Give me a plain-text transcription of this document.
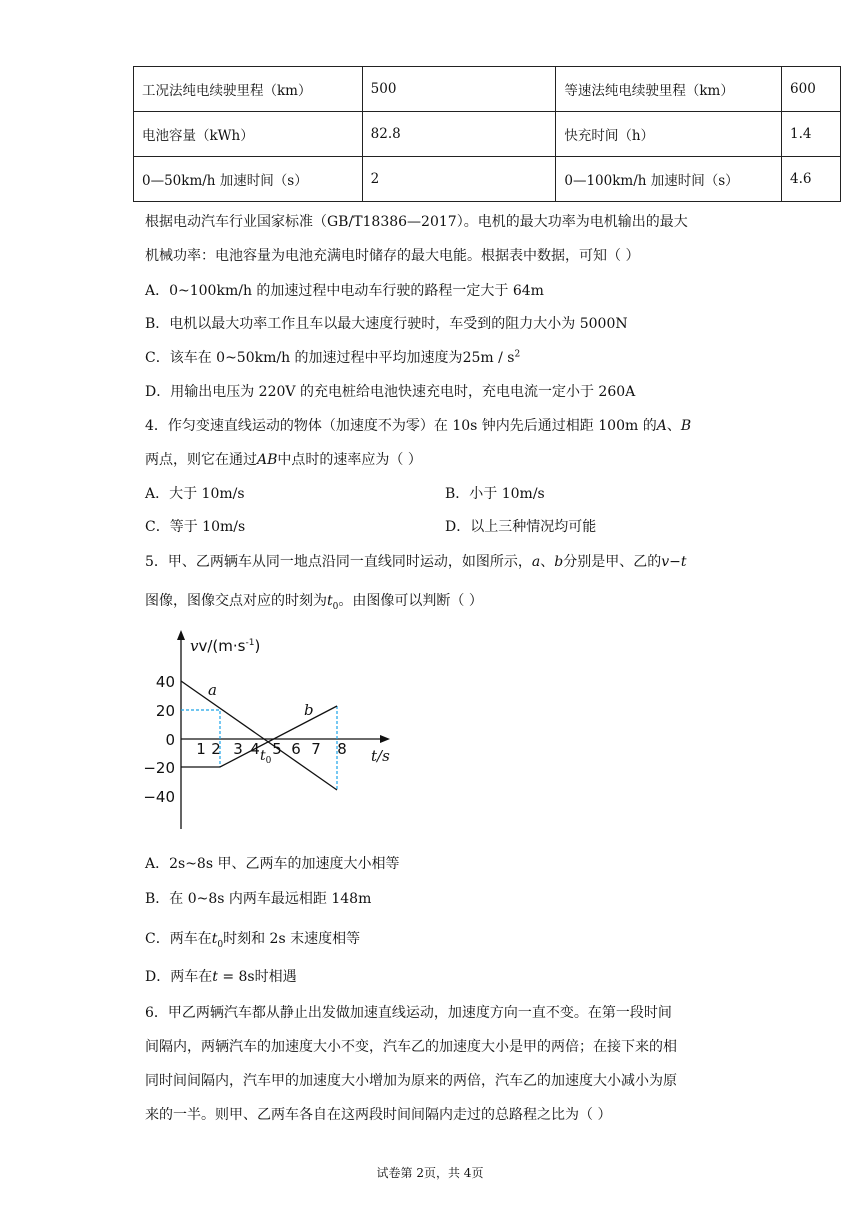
工况法纯电续驶里程（km）	500	等速法纯电续驶里程（km）	600
电池容量（kWh）	82.8	快充时间（h）	1.4
0—50km/h 加速时间（s）	2	0—100km/h 加速时间（s）	4.6
根据电动汽车行业国家标准（GB/T18386—2017）。电机的最大功率为电机输出的最大
机械功率：电池容量为电池充满电时储存的最大电能。根据表中数据，可知（ ）
A．0~100km/h 的加速过程中电动车行驶的路程一定大于 64m
B．电机以最大功率工作且车以最大速度行驶时，车受到的阻力大小为 5000N
C．该车在 0~50km/h 的加速过程中平均加速度为$25m / s^2$
D．用输出电压为 220V 的充电桩给电池快速充电时，充电电流一定小于 260A
4．作匀变速直线运动的物体（加速度不为零）在 10s 钟内先后通过相距 100m 的A、B
两点，则它在通过AB中点时的速率应为（ ）
A．大于 10m/s	B．小于 10m/s
C．等于 10m/s	D．以上三种情况均可能
5．甲、乙两辆车从同一地点沿同一直线同时运动，如图所示，a、b分别是甲、乙的v−t
图像，图像交点对应的时刻为$t_0$。由图像可以判断（ ）
$vv/(m\cdot s^{-1})$
40
20
0
−20
−40
1 2 3 4 5 6 7 8 t/s
a
b
$t_0$
A．2s~8s 甲、乙两车的加速度大小相等
B．在 0~8s 内两车最远相距 148m
C．两车在$t_0$时刻和 2s 末速度相等
D．两车在t = 8s时相遇
6．甲乙两辆汽车都从静止出发做加速直线运动，加速度方向一直不变。在第一段时间
间隔内，两辆汽车的加速度大小不变，汽车乙的加速度大小是甲的两倍；在接下来的相
同时间间隔内，汽车甲的加速度大小增加为原来的两倍，汽车乙的加速度大小减小为原
来的一半。则甲、乙两车各自在这两段时间间隔内走过的总路程之比为（ ）
试卷第 2页，共 4页
